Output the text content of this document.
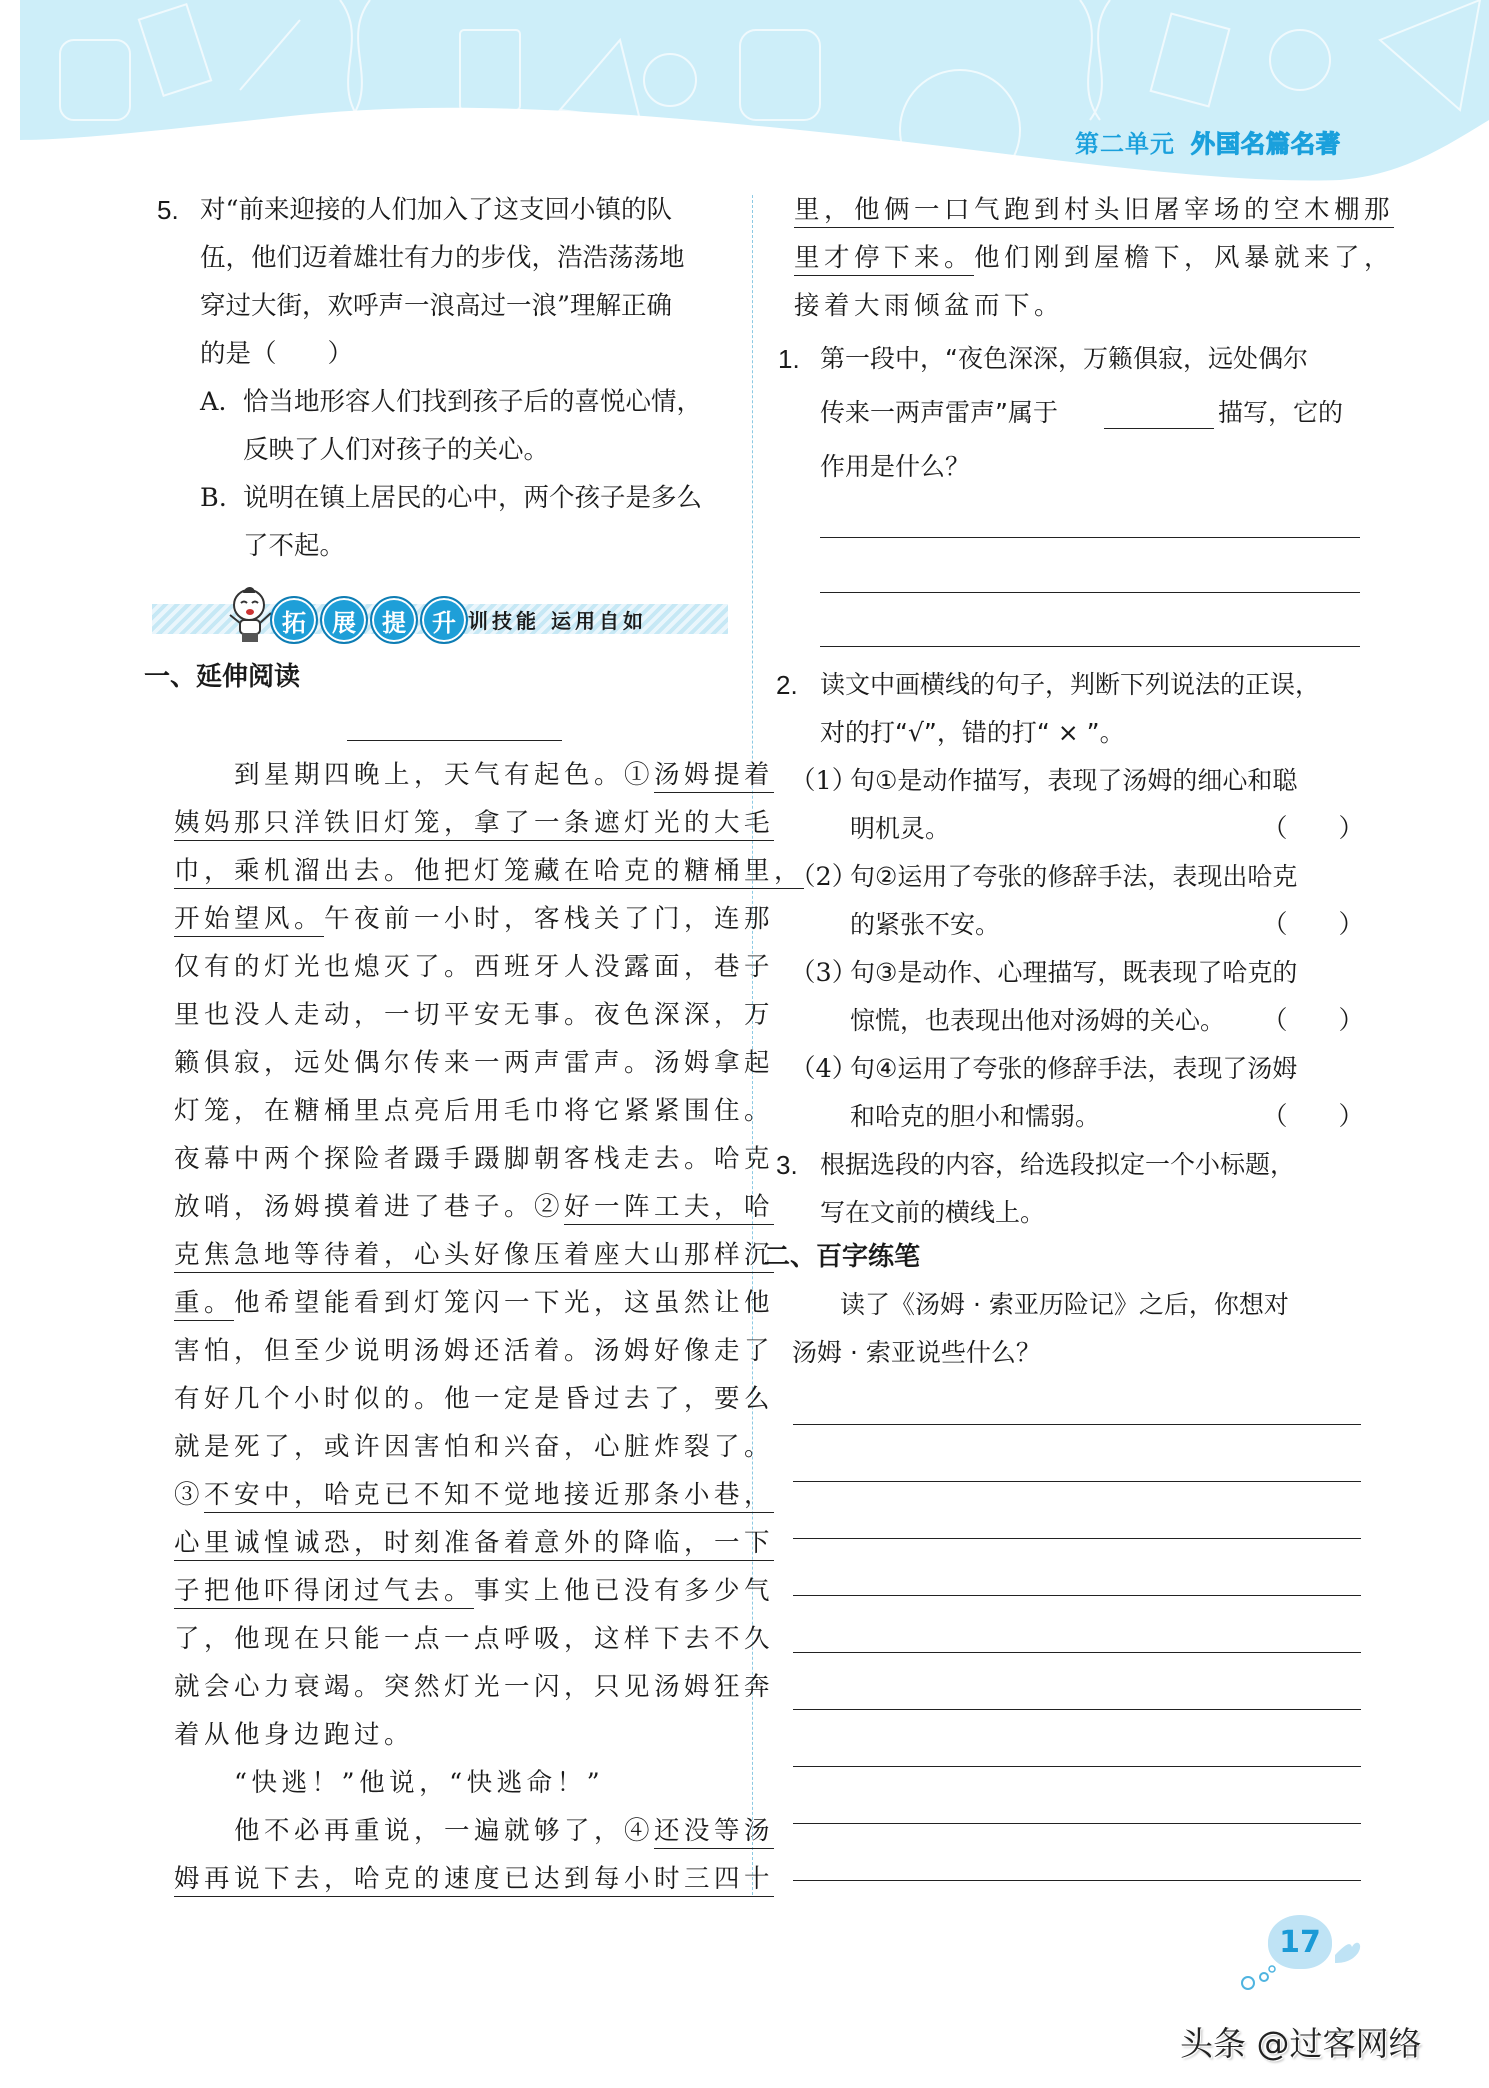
第二单元 外国名篇名著
5. 对“前来迎接的人们加入了这支回小镇的队
伍，他们迈着雄壮有力的步伐，浩浩荡荡地
穿过大街，欢呼声一浪高过一浪”理解正确
的是（　　）
A. 恰当地形容人们找到孩子后的喜悦心情，
反映了人们对孩子的关心。
B. 说明在镇上居民的心中，两个孩子是多么
了不起。
拓	展	提	升 训技能 运用自如
一、延伸阅读
　　到星期四晚上，天气有起色。①汤姆提着
姨妈那只洋铁旧灯笼，拿了一条遮灯光的大毛
巾，乘机溜出去。他把灯笼藏在哈克的糖桶里，
开始望风。午夜前一小时，客栈关了门，连那
仅有的灯光也熄灭了。西班牙人没露面，巷子
里也没人走动，一切平安无事。夜色深深，万
籁俱寂，远处偶尔传来一两声雷声。汤姆拿起
灯笼，在糖桶里点亮后用毛巾将它紧紧围住。
夜幕中两个探险者蹑手蹑脚朝客栈走去。哈克
放哨，汤姆摸着进了巷子。②好一阵工夫，哈
克焦急地等待着，心头好像压着座大山那样沉
重。他希望能看到灯笼闪一下光，这虽然让他
害怕，但至少说明汤姆还活着。汤姆好像走了
有好几个小时似的。他一定是昏过去了，要么
就是死了，或许因害怕和兴奋，心脏炸裂了。
③不安中，哈克已不知不觉地接近那条小巷，
心里诚惶诚恐，时刻准备着意外的降临，一下
子把他吓得闭过气去。事实上他已没有多少气
了，他现在只能一点一点呼吸，这样下去不久
就会心力衰竭。突然灯光一闪，只见汤姆狂奔
着从他身边跑过。
　　“快逃！”他说，“快逃命！”
　　他不必再重说，一遍就够了，④还没等汤
姆再说下去，哈克的速度已达到每小时三四十
里，他俩一口气跑到村头旧屠宰场的空木棚那
里才停下来。他们刚到屋檐下，风暴就来了，
接着大雨倾盆而下。
1. 第一段中，“夜色深深，万籁俱寂，远处偶尔
传来一两声雷声”属于	描写，它的
作用是什么？
2. 读文中画横线的句子，判断下列说法的正误，
对的打“√”，错的打“ × ”。
（1）
句①是动作描写，表现了汤姆的细心和聪
明机灵。	（　　）
（2）
句②运用了夸张的修辞手法，表现出哈克
的紧张不安。	（　　）
（3）
句③是动作、心理描写，既表现了哈克的
惊慌，也表现出他对汤姆的关心。 （　　）
（4）
句④运用了夸张的修辞手法，表现了汤姆
和哈克的胆小和懦弱。	（　　）
3. 根据选段的内容，给选段拟定一个小标题，
写在文前的横线上。
二、百字练笔
　　读了《汤姆 · 索亚历险记》之后，你想对
汤姆 · 索亚说些什么？
17
头条 @过客网络
